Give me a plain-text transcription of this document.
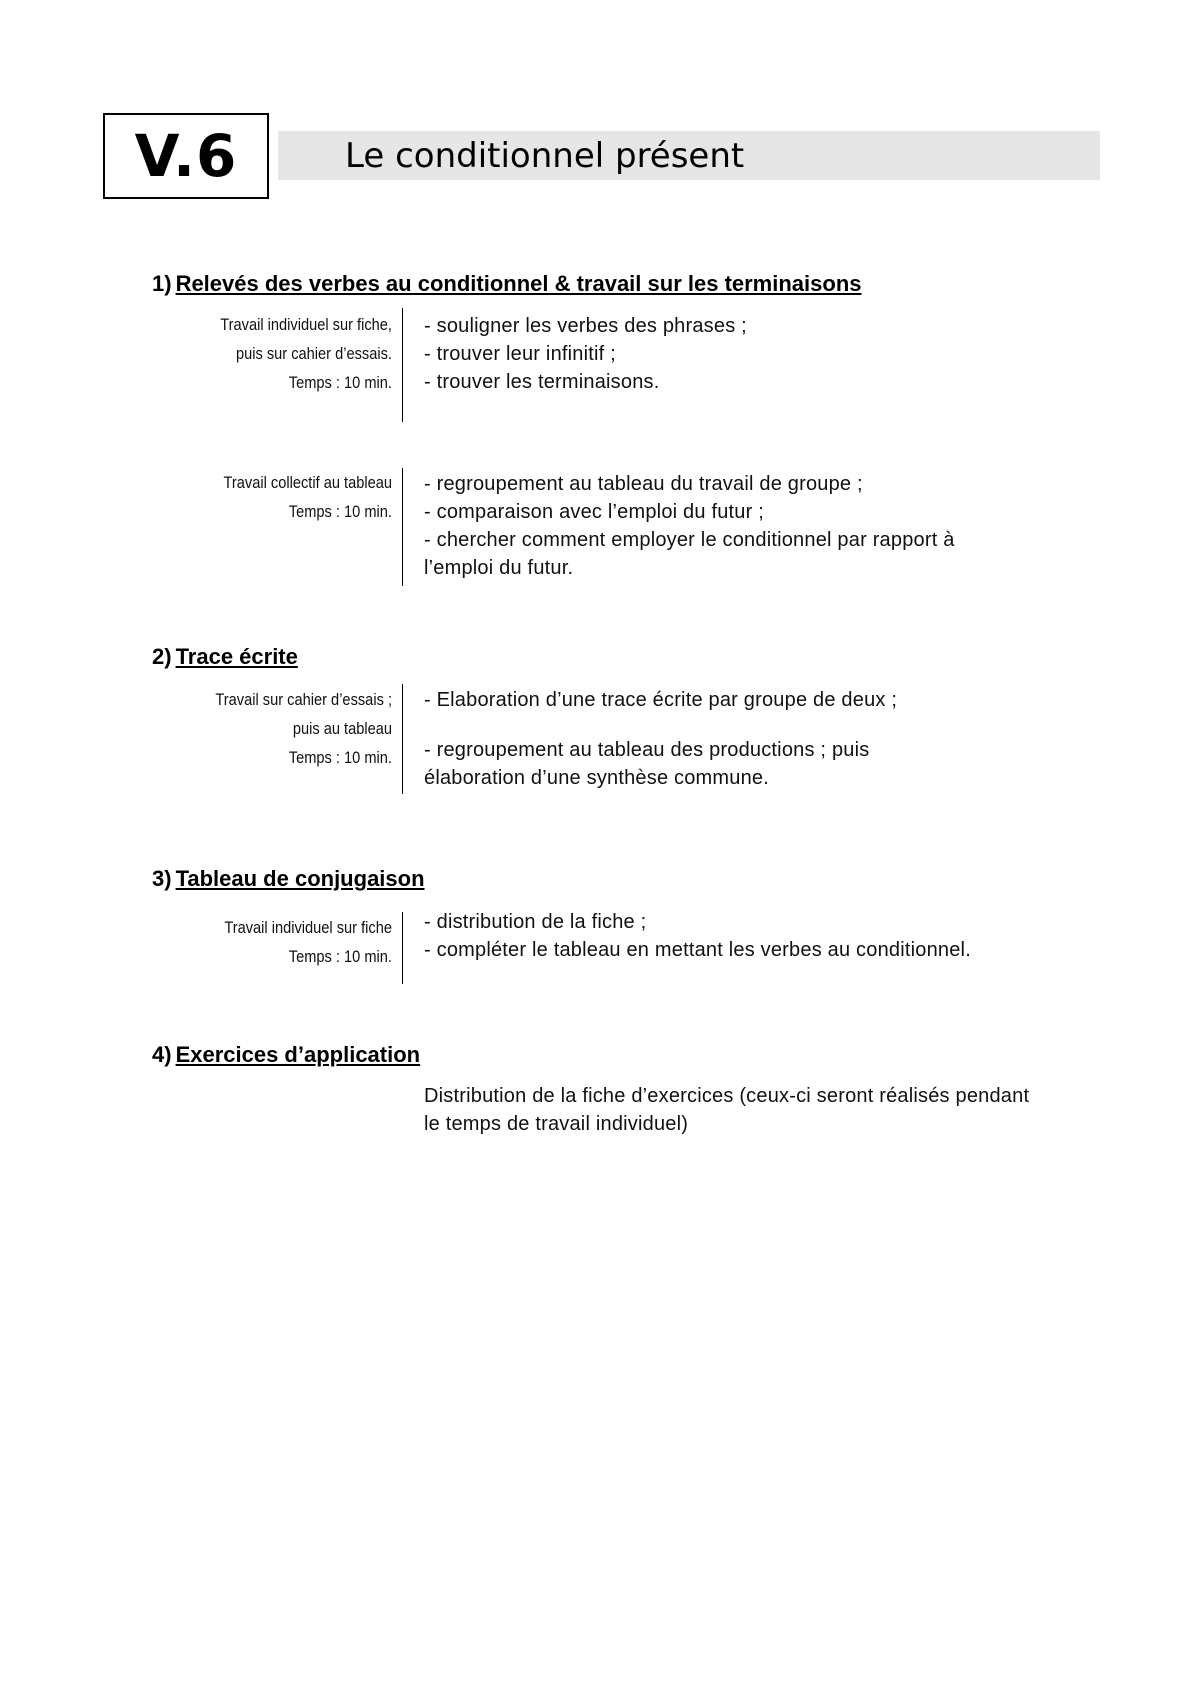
V.6	Le conditionnel présent
1) Relevés des verbes au conditionnel & travail sur les terminaisons
Travail individuel sur fiche,
puis sur cahier d’essais.
Temps : 10 min.
- souligner les verbes des phrases ;
- trouver leur infinitif ;
- trouver les terminaisons.
Travail collectif au tableau
Temps : 10 min.
- regroupement au tableau du travail de groupe ;
- comparaison avec l’emploi du futur ;
- chercher comment employer le conditionnel par rapport à
l’emploi du futur.
2) Trace écrite
Travail sur cahier d’essais ;
puis au tableau
Temps : 10 min.
- Elaboration d’une trace écrite par groupe de deux ;
- regroupement au tableau des productions ; puis
élaboration d’une synthèse commune.
3) Tableau de conjugaison
Travail individuel sur fiche
Temps : 10 min.
- distribution de la fiche ;
- compléter le tableau en mettant les verbes au conditionnel.
4) Exercices d’application
Distribution de la fiche d’exercices (ceux-ci seront réalisés pendant
le temps de travail individuel)
